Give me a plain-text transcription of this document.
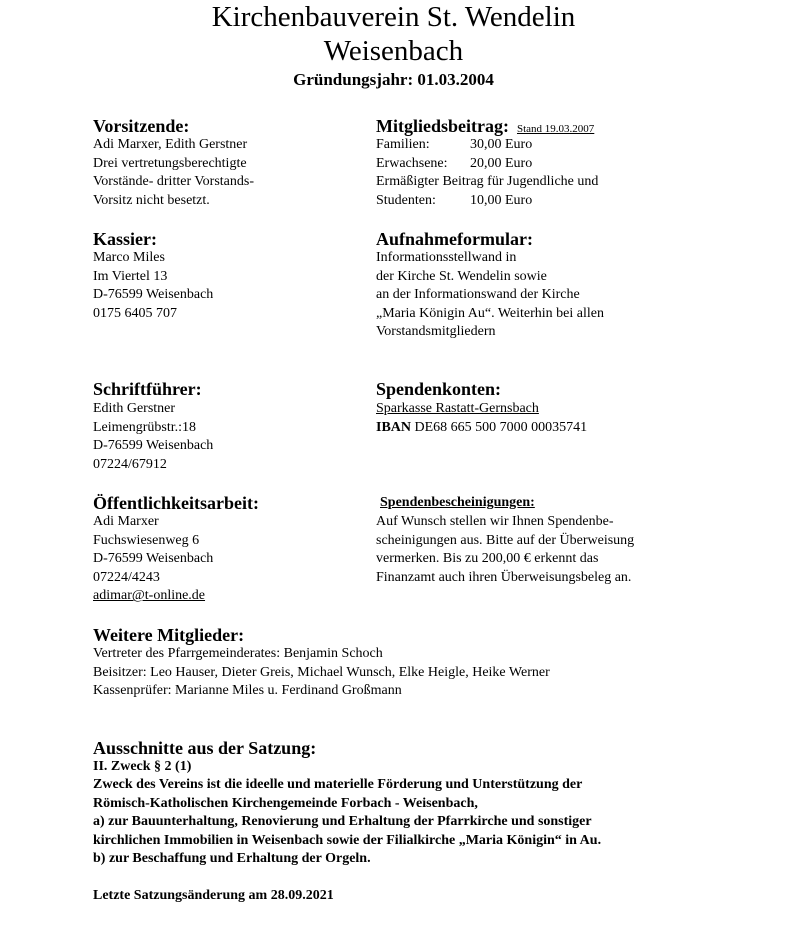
Kirchenbauverein St. Wendelin
Weisenbach
Gründungsjahr: 01.03.2004
Vorsitzende:
Adi Marxer, Edith Gerstner
Drei vertretungsberechtigte
Vorstände- dritter Vorstands-
Vorsitz nicht besetzt.
Mitgliedsbeitrag: Stand 19.03.2007
Familien:	30,00 Euro
Erwachsene: 20,00 Euro
Ermäßigter Beitrag für Jugendliche und
Studenten: 10,00 Euro
Kassier:
Marco Miles
Im Viertel 13
D-76599 Weisenbach
0175 6405 707
Aufnahmeformular:
Informationsstellwand in
der Kirche St. Wendelin sowie
an der Informationswand der Kirche
„Maria Königin Au“. Weiterhin bei allen
Vorstandsmitgliedern
Schriftführer:
Edith Gerstner
Leimengrübstr.:18
D-76599 Weisenbach
07224/67912
Spendenkonten:
Sparkasse Rastatt-Gernsbach
IBAN DE68 665 500 7000 00035741
Öffentlichkeitsarbeit:
Adi Marxer
Fuchswiesenweg 6
D-76599 Weisenbach
07224/4243
adimar@t-online.de
Spendenbescheinigungen:
Auf Wunsch stellen wir Ihnen Spendenbe-
scheinigungen aus. Bitte auf der Überweisung
vermerken. Bis zu 200,00 € erkennt das
Finanzamt auch ihren Überweisungsbeleg an.
Weitere Mitglieder:
Vertreter des Pfarrgemeinderates: Benjamin Schoch
Beisitzer: Leo Hauser, Dieter Greis, Michael Wunsch, Elke Heigle, Heike Werner
Kassenprüfer: Marianne Miles u. Ferdinand Großmann
Ausschnitte aus der Satzung:
II. Zweck § 2 (1)
Zweck des Vereins ist die ideelle und materielle Förderung und Unterstützung der
Römisch-Katholischen Kirchengemeinde Forbach - Weisenbach,
a) zur Bauunterhaltung, Renovierung und Erhaltung der Pfarrkirche und sonstiger
kirchlichen Immobilien in Weisenbach sowie der Filialkirche „Maria Königin“ in Au.
b) zur Beschaffung und Erhaltung der Orgeln.
Letzte Satzungsänderung am 28.09.2021
